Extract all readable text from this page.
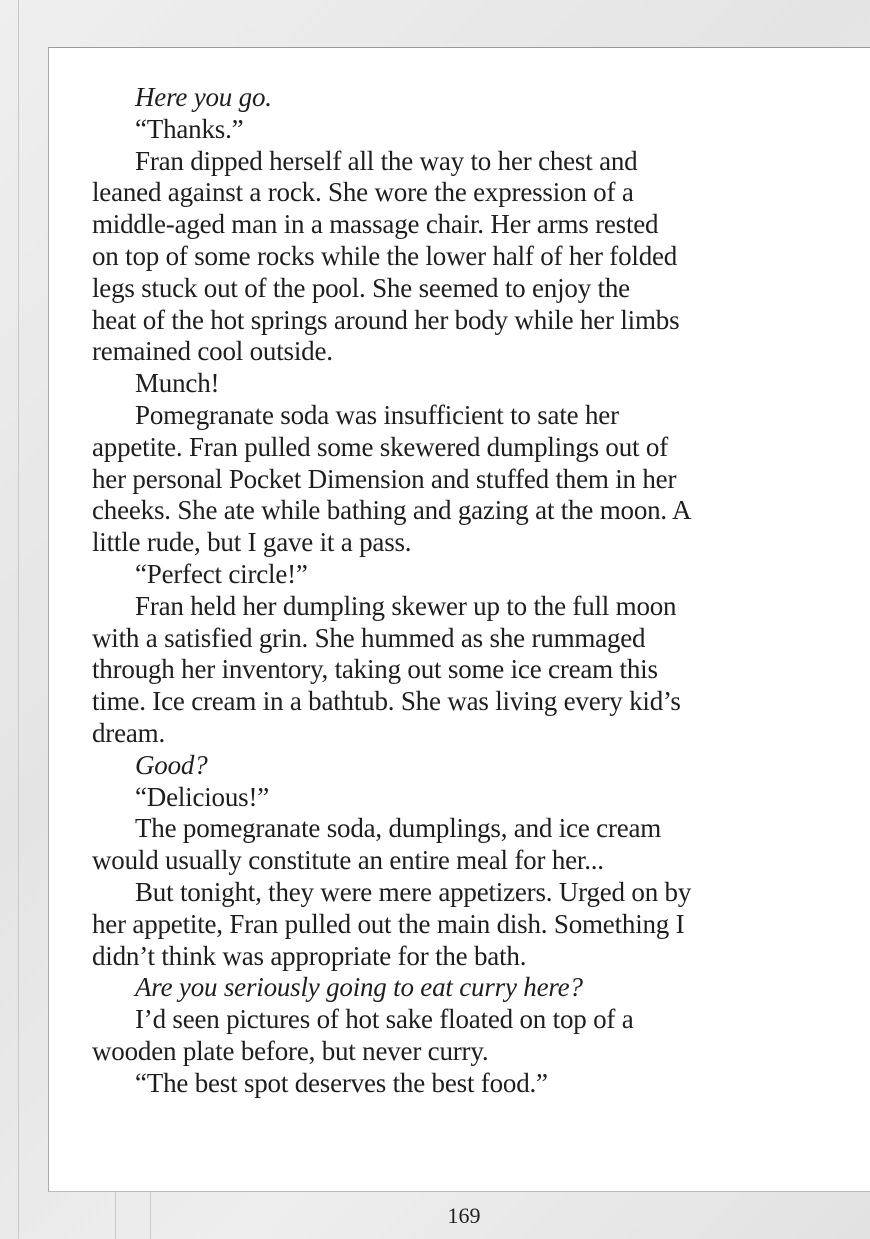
169
Here you go.
“Thanks.”
Fran dipped herself all the way to her chest and
leaned against a rock. She wore the expression of a
middle-aged man in a massage chair. Her arms rested
on top of some rocks while the lower half of her folded
legs stuck out of the pool. She seemed to enjoy the
heat of the hot springs around her body while her limbs
remained cool outside.
Munch!
Pomegranate soda was insufficient to sate her
appetite. Fran pulled some skewered dumplings out of
her personal Pocket Dimension and stuffed them in her
cheeks. She ate while bathing and gazing at the moon. A
little rude, but I gave it a pass.
“Perfect circle!”
Fran held her dumpling skewer up to the full moon
with a satisfied grin. She hummed as she rummaged
through her inventory, taking out some ice cream this
time. Ice cream in a bathtub. She was living every kid’s
dream.
Good?
“Delicious!”
The pomegranate soda, dumplings, and ice cream
would usually constitute an entire meal for her...
But tonight, they were mere appetizers. Urged on by
her appetite, Fran pulled out the main dish. Something I
didn’t think was appropriate for the bath.
Are you seriously going to eat curry here?
I’d seen pictures of hot sake floated on top of a
wooden plate before, but never curry.
“The best spot deserves the best food.”
